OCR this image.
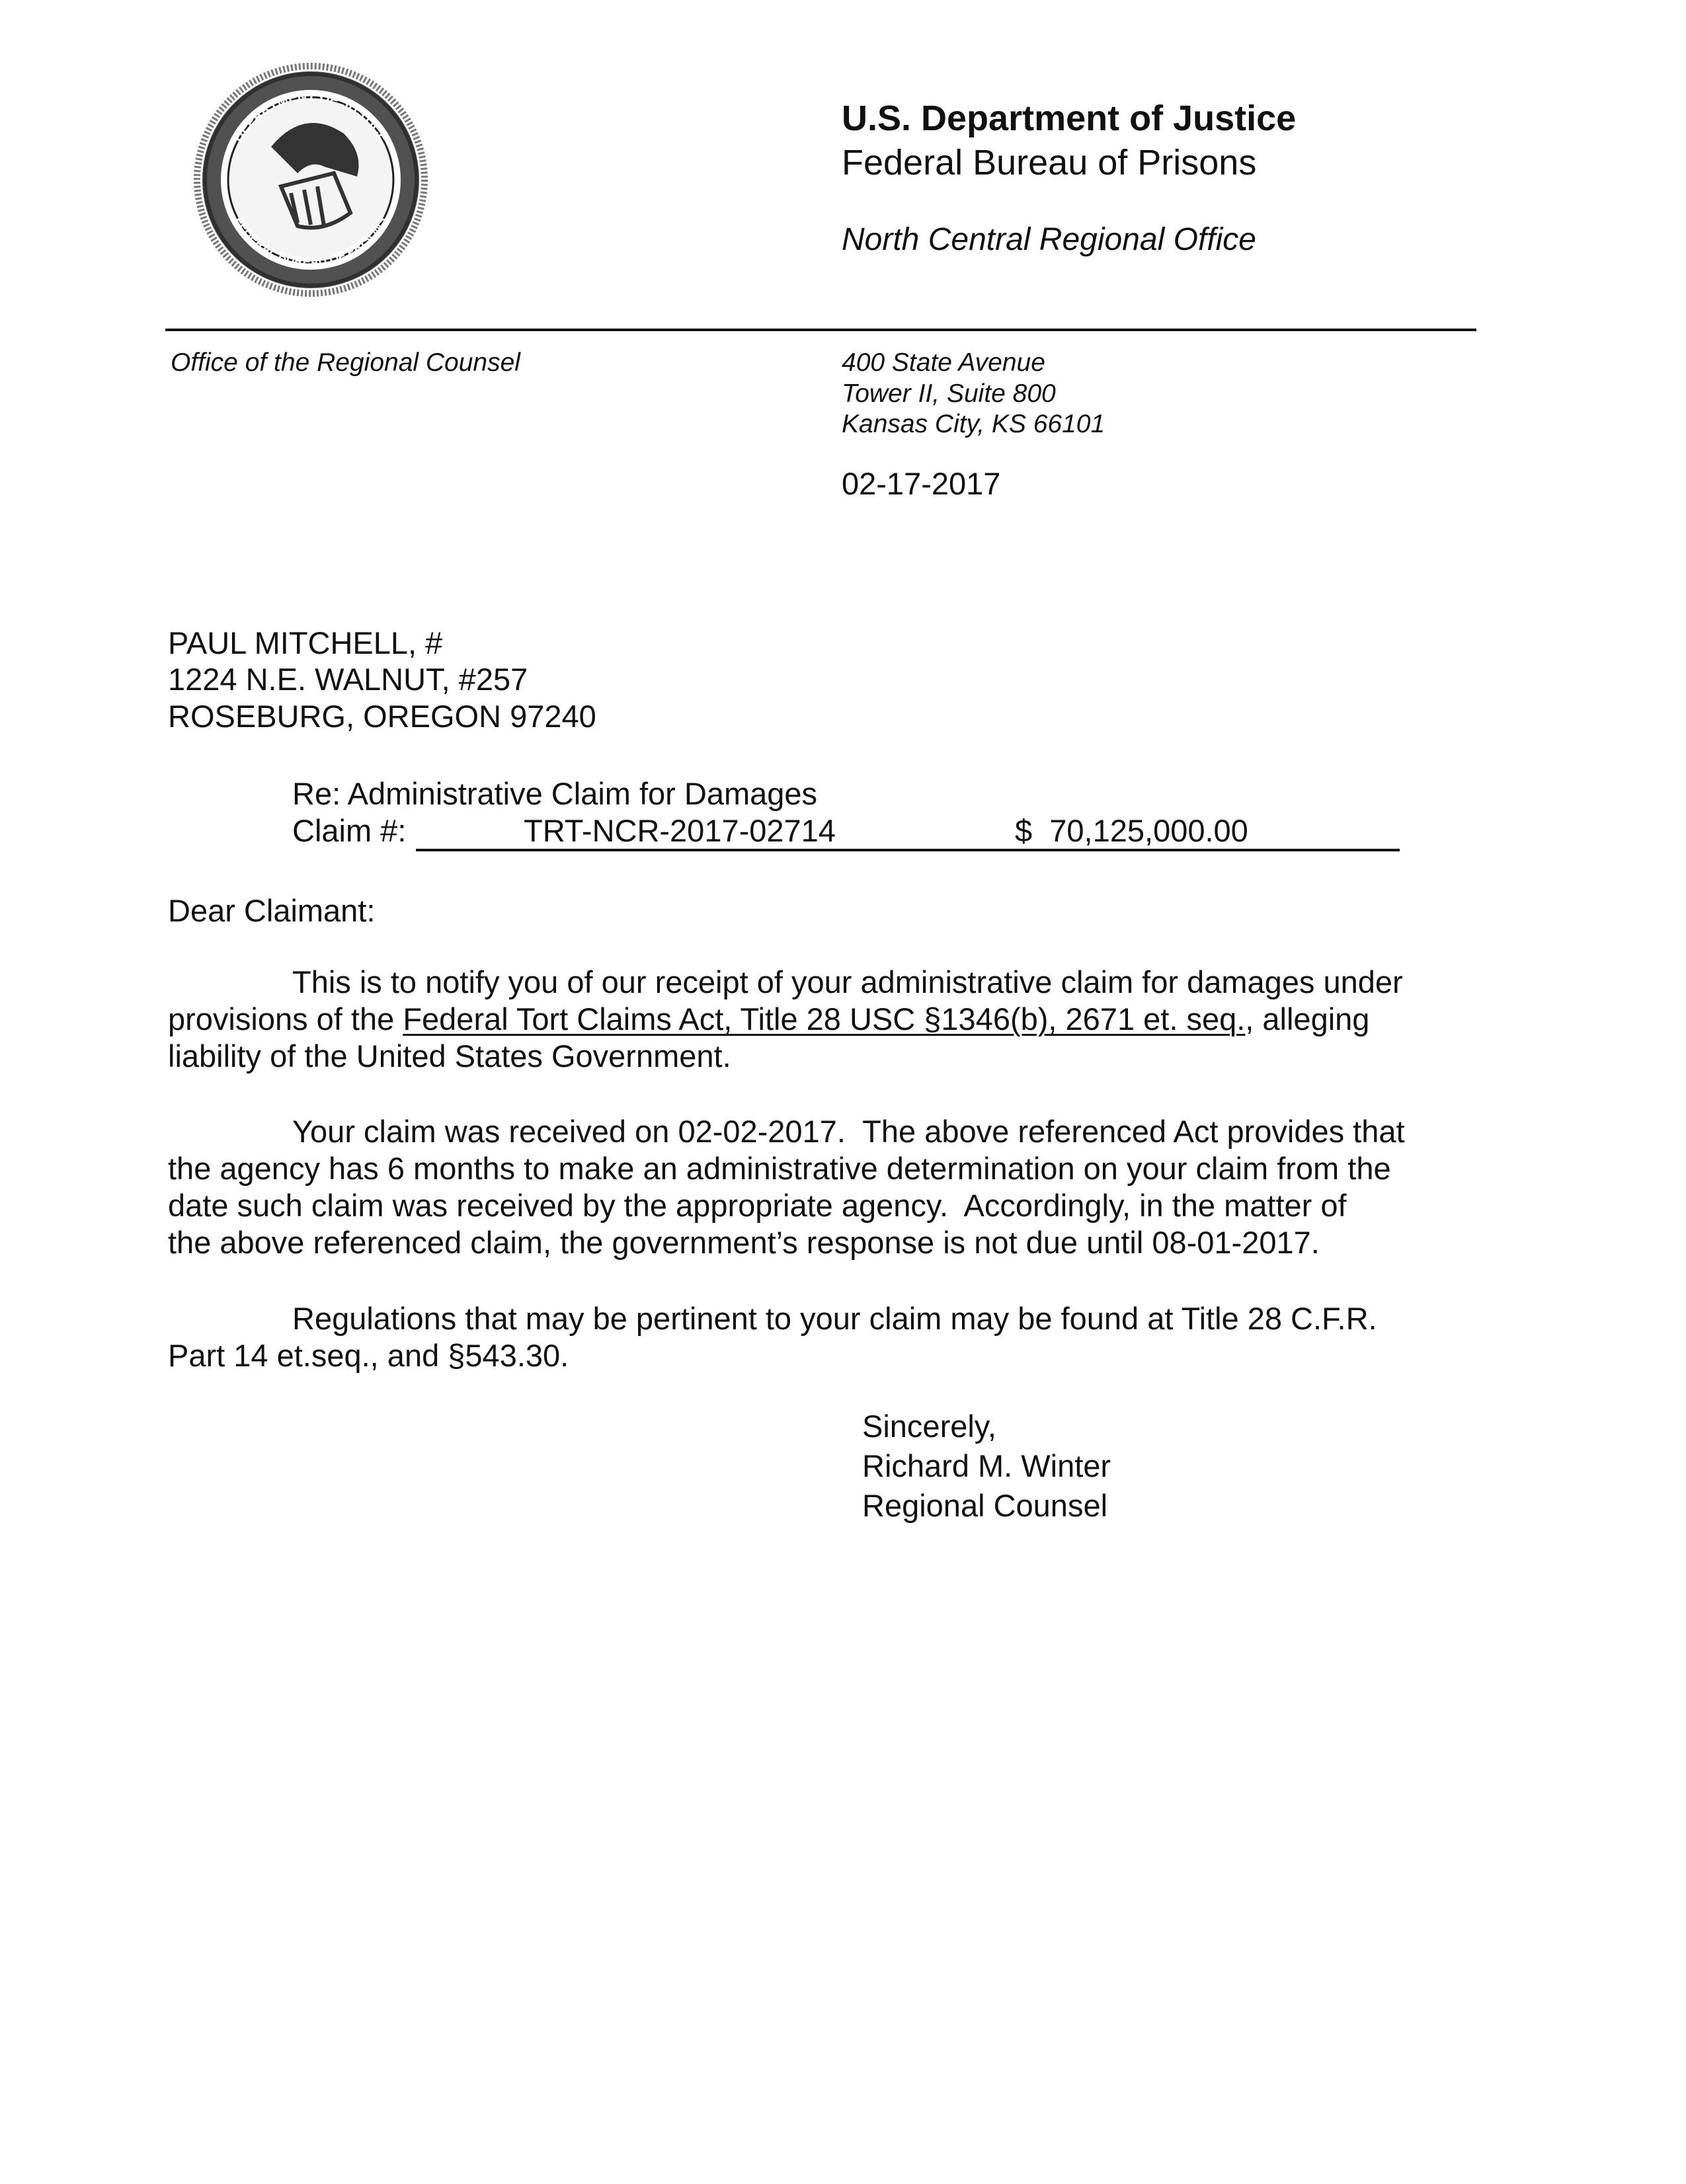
DEPARTMENT OF JUSTICE
FEDERAL BUREAU OF PRISONS
U.S. Department of Justice
Federal Bureau of Prisons
North Central Regional Office
Office of the Regional Counsel	400 State Avenue
Tower II, Suite 800
Kansas City, KS 66101
02-17-2017
PAUL MITCHELL, #
1224 N.E. WALNUT, #257
ROSEBURG, OREGON 97240
Re: Administrative Claim for Damages
Claim #:	TRT-NCR-2017-02714	$  70,125,000.00
Dear Claimant:
This is to notify you of our receipt of your administrative claim for damages under
provisions of the Federal Tort Claims Act, Title 28 USC §1346(b), 2671 et. seq., alleging
liability of the United States Government.
Your claim was received on 02-02-2017.  The above referenced Act provides that
the agency has 6 months to make an administrative determination on your claim from the
date such claim was received by the appropriate agency.  Accordingly, in the matter of
the above referenced claim, the government’s response is not due until 08-01-2017.
Regulations that may be pertinent to your claim may be found at Title 28 C.F.R.
Part 14 et.seq., and §543.30.
Sincerely,
Richard M. Winter
Regional Counsel
